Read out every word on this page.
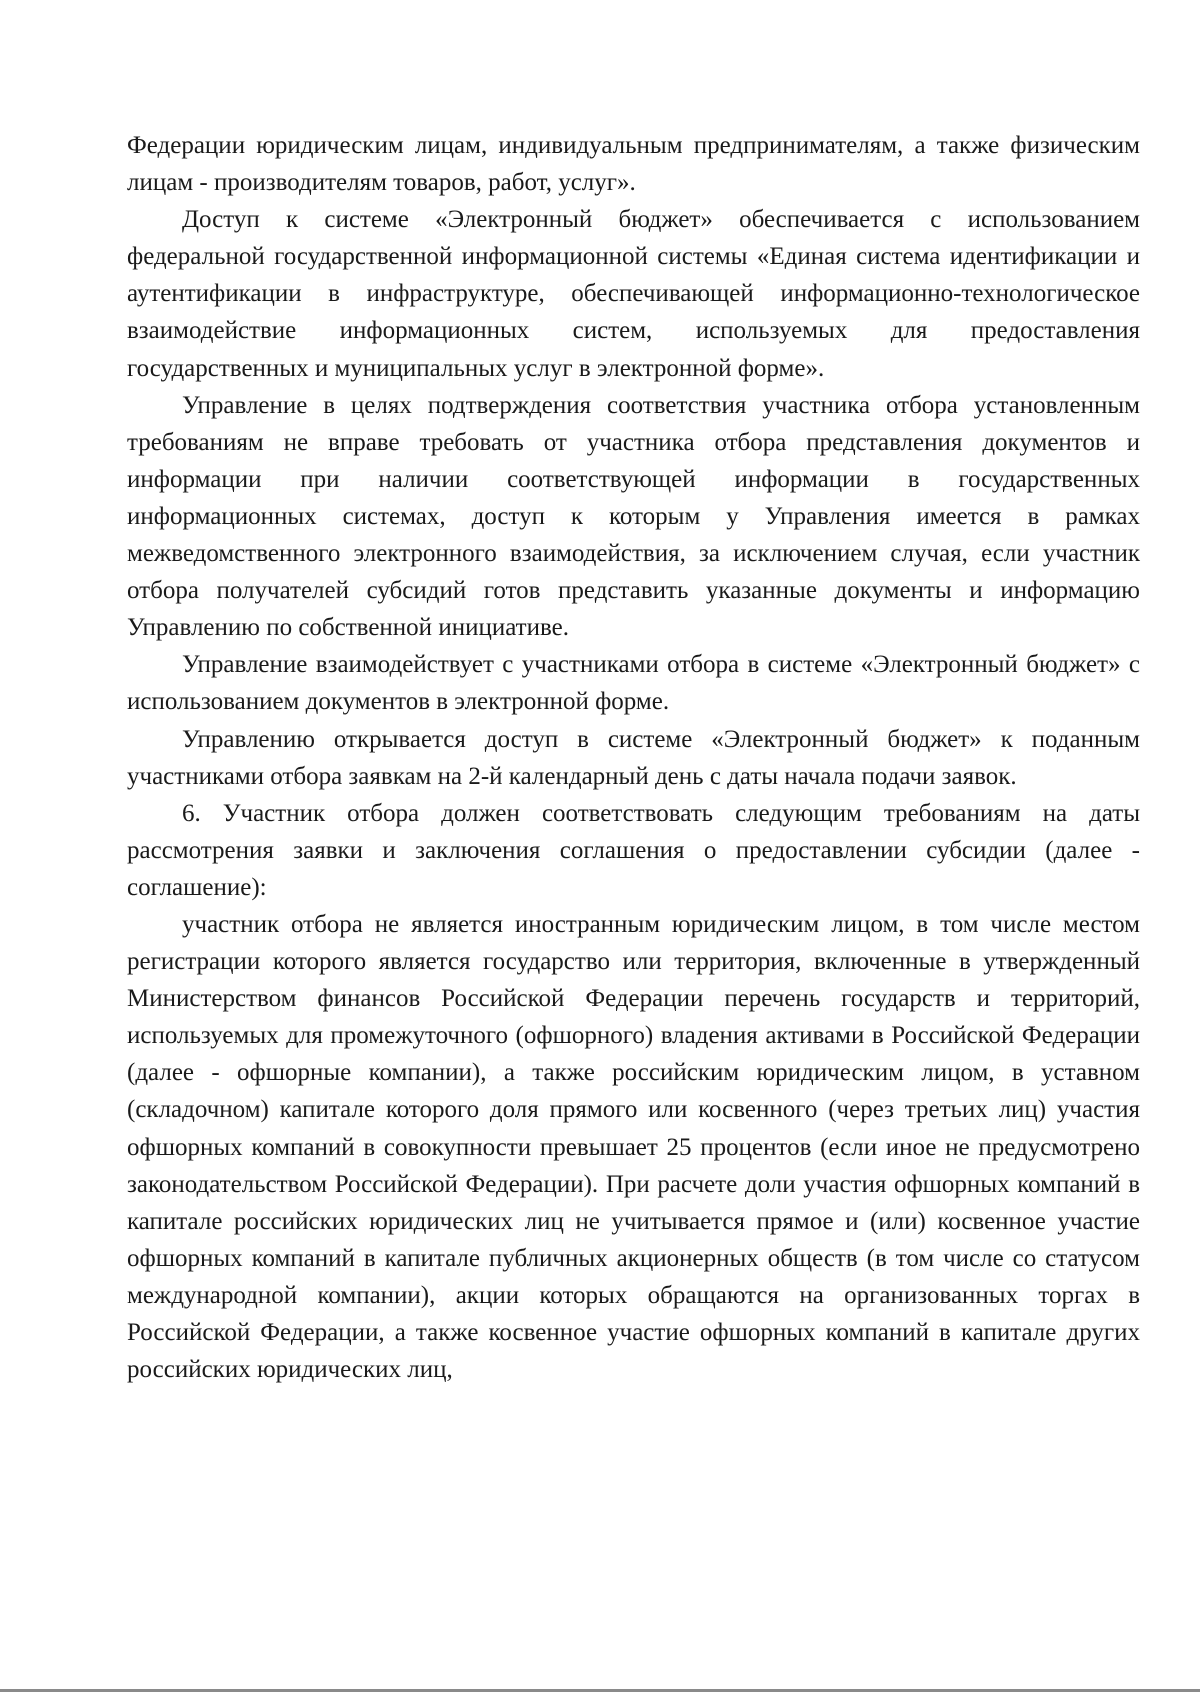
Федерации юридическим лицам, индивидуальным предпринимателям, а также физическим лицам - производителям товаров, работ, услуг».

Доступ к системе «Электронный бюджет» обеспечивается с использованием федеральной государственной информационной системы «Единая система идентификации и аутентификации в инфраструктуре, обеспечивающей информационно-технологическое взаимодействие информационных систем, используемых для предоставления государственных и муниципальных услуг в электронной форме».

Управление в целях подтверждения соответствия участника отбора установленным требованиям не вправе требовать от участника отбора представления документов и информации при наличии соответствующей информации в государственных информационных системах, доступ к которым у Управления имеется в рамках межведомственного электронного взаимодействия, за исключением случая, если участник отбора получателей субсидий готов представить указанные документы и информацию Управлению по собственной инициативе.

Управление взаимодействует с участниками отбора в системе «Электронный бюджет» с использованием документов в электронной форме.

Управлению открывается доступ в системе «Электронный бюджет» к поданным участниками отбора заявкам на 2-й календарный день с даты начала подачи заявок.

6. Участник отбора должен соответствовать следующим требованиям на даты рассмотрения заявки и заключения соглашения о предоставлении субсидии (далее - соглашение):

участник отбора не является иностранным юридическим лицом, в том числе местом регистрации которого является государство или территория, включенные в утвержденный Министерством финансов Российской Федерации перечень государств и территорий, используемых для промежуточного (офшорного) владения активами в Российской Федерации (далее - офшорные компании), а также российским юридическим лицом, в уставном (складочном) капитале которого доля прямого или косвенного (через третьих лиц) участия офшорных компаний в совокупности превышает 25 процентов (если иное не предусмотрено законодательством Российской Федерации). При расчете доли участия офшорных компаний в капитале российских юридических лиц не учитывается прямое и (или) косвенное участие офшорных компаний в капитале публичных акционерных обществ (в том числе со статусом международной компании), акции которых обращаются на организованных торгах в Российской Федерации, а также косвенное участие офшорных компаний в капитале других российских юридических лиц,
